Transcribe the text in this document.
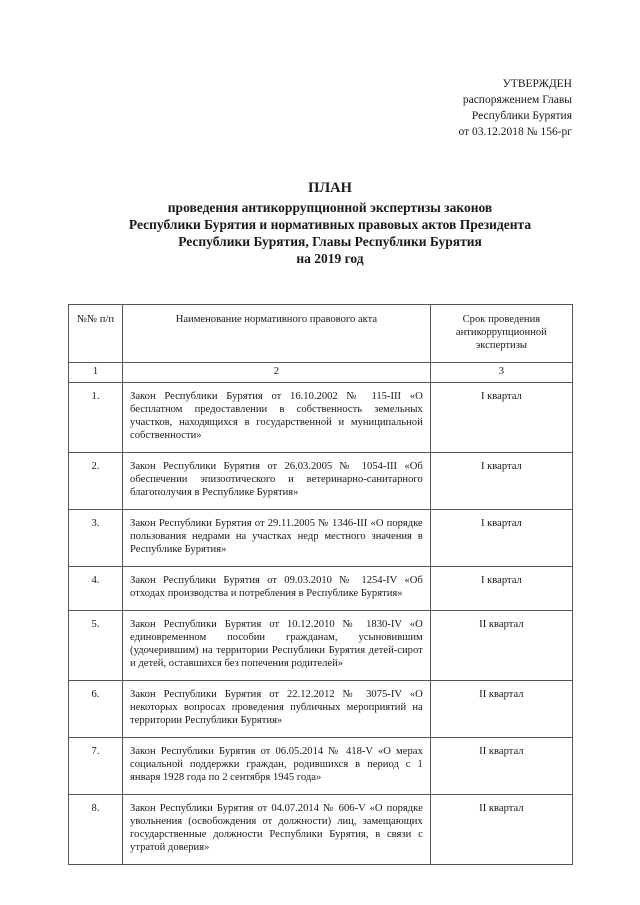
УТВЕРЖДЕН
распоряжением Главы
Республики Бурятия
от 03.12.2018 № 156-рг
ПЛАН
проведения антикоррупционной экспертизы законов
Республики Бурятия и нормативных правовых актов Президента
Республики Бурятия, Главы Республики Бурятия
на 2019 год
№№ п/п	Наименование нормативного правового акта	Срок проведения антикоррупционной экспертизы
1	2	3
1.	Закон Республики Бурятия от 16.10.2002 № 115-III «О бесплатном предоставлении в собственность земельных участков, находящихся в государственной и муниципальной собственности»	I квартал
2.	Закон Республики Бурятия от 26.03.2005 № 1054-III «Об обеспечении эпизоотического и ветеринарно-санитарного благополучия в Республике Бурятия»	I квартал
3.	Закон Республики Бурятия от 29.11.2005 № 1346-III «О порядке пользования недрами на участках недр местного значения в Республике Бурятия»	I квартал
4.	Закон Республики Бурятия от 09.03.2010 № 1254-IV «Об отходах производства и потребления в Республике Бурятия»	I квартал
5.	Закон Республики Бурятия от 10.12.2010 № 1830-IV «О единовременном пособии гражданам, усыновившим (удочерившим) на территории Республики Бурятия детей-сирот и детей, оставшихся без попечения родителей»	II квартал
6.	Закон Республики Бурятия от 22.12.2012 № 3075-IV «О некоторых вопросах проведения публичных мероприятий на территории Республики Бурятия»	II квартал
7.	Закон Республики Бурятия от 06.05.2014 № 418-V «О мерах социальной поддержки граждан, родившихся в период с 1 января 1928 года по 2 сентября 1945 года»	II квартал
8.	Закон Республики Бурятия от 04.07.2014 № 606-V «О порядке увольнения (освобождения от должности) лиц, замещающих государственные должности Республики Бурятия, в связи с утратой доверия»	II квартал
